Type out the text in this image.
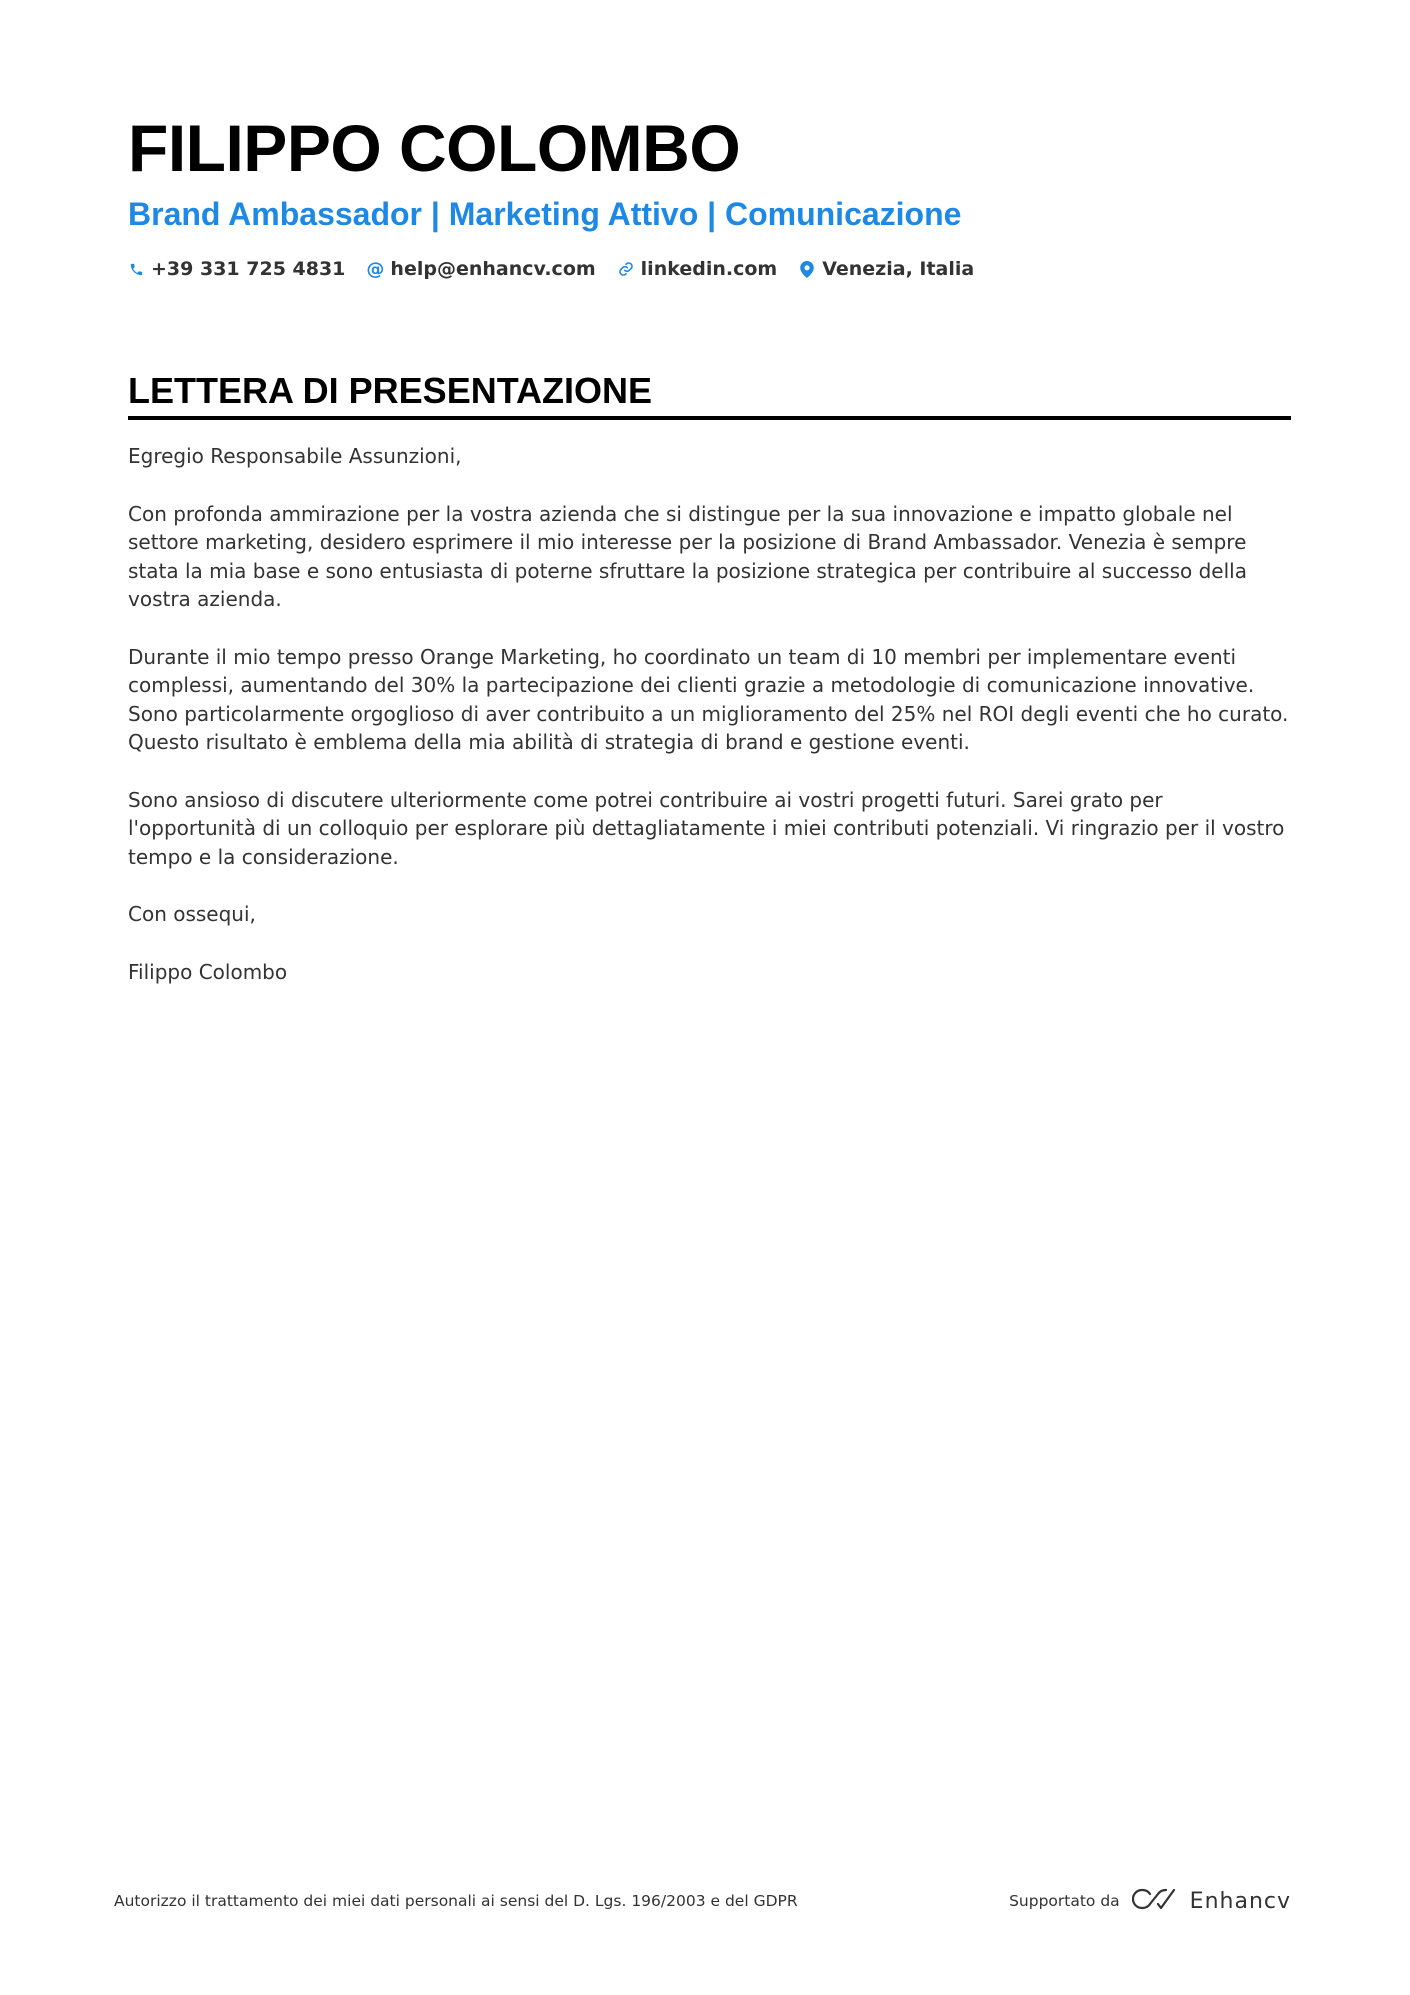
FILIPPO COLOMBO
Brand Ambassador | Marketing Attivo | Comunicazione
+39 331 725 4831 @ help@enhancv.com linkedin.com Venezia, Italia
LETTERA DI PRESENTAZIONE

Egregio Responsabile Assunzioni,

Con profonda ammirazione per la vostra azienda che si distingue per la sua innovazione e impatto globale nel settore marketing, desidero esprimere il mio interesse per la posizione di Brand Ambassador. Venezia è sempre stata la mia base e sono entusiasta di poterne sfruttare la posizione strategica per contribuire al successo della vostra azienda.

Durante il mio tempo presso Orange Marketing, ho coordinato un team di 10 membri per implementare eventi complessi, aumentando del 30% la partecipazione dei clienti grazie a metodologie di comunicazione innovative. Sono particolarmente orgoglioso di aver contribuito a un miglioramento del 25% nel ROI degli eventi che ho curato. Questo risultato è emblema della mia abilità di strategia di brand e gestione eventi.

Sono ansioso di discutere ulteriormente come potrei contribuire ai vostri progetti futuri. Sarei grato per l'opportunità di un colloquio per esplorare più dettagliatamente i miei contributi potenziali. Vi ringrazio per il vostro tempo e la considerazione.

Con ossequi,

Filippo Colombo

Autorizzo il trattamento dei miei dati personali ai sensi del D. Lgs. 196/2003 e del GDPR	Supportato da	Enhancv
